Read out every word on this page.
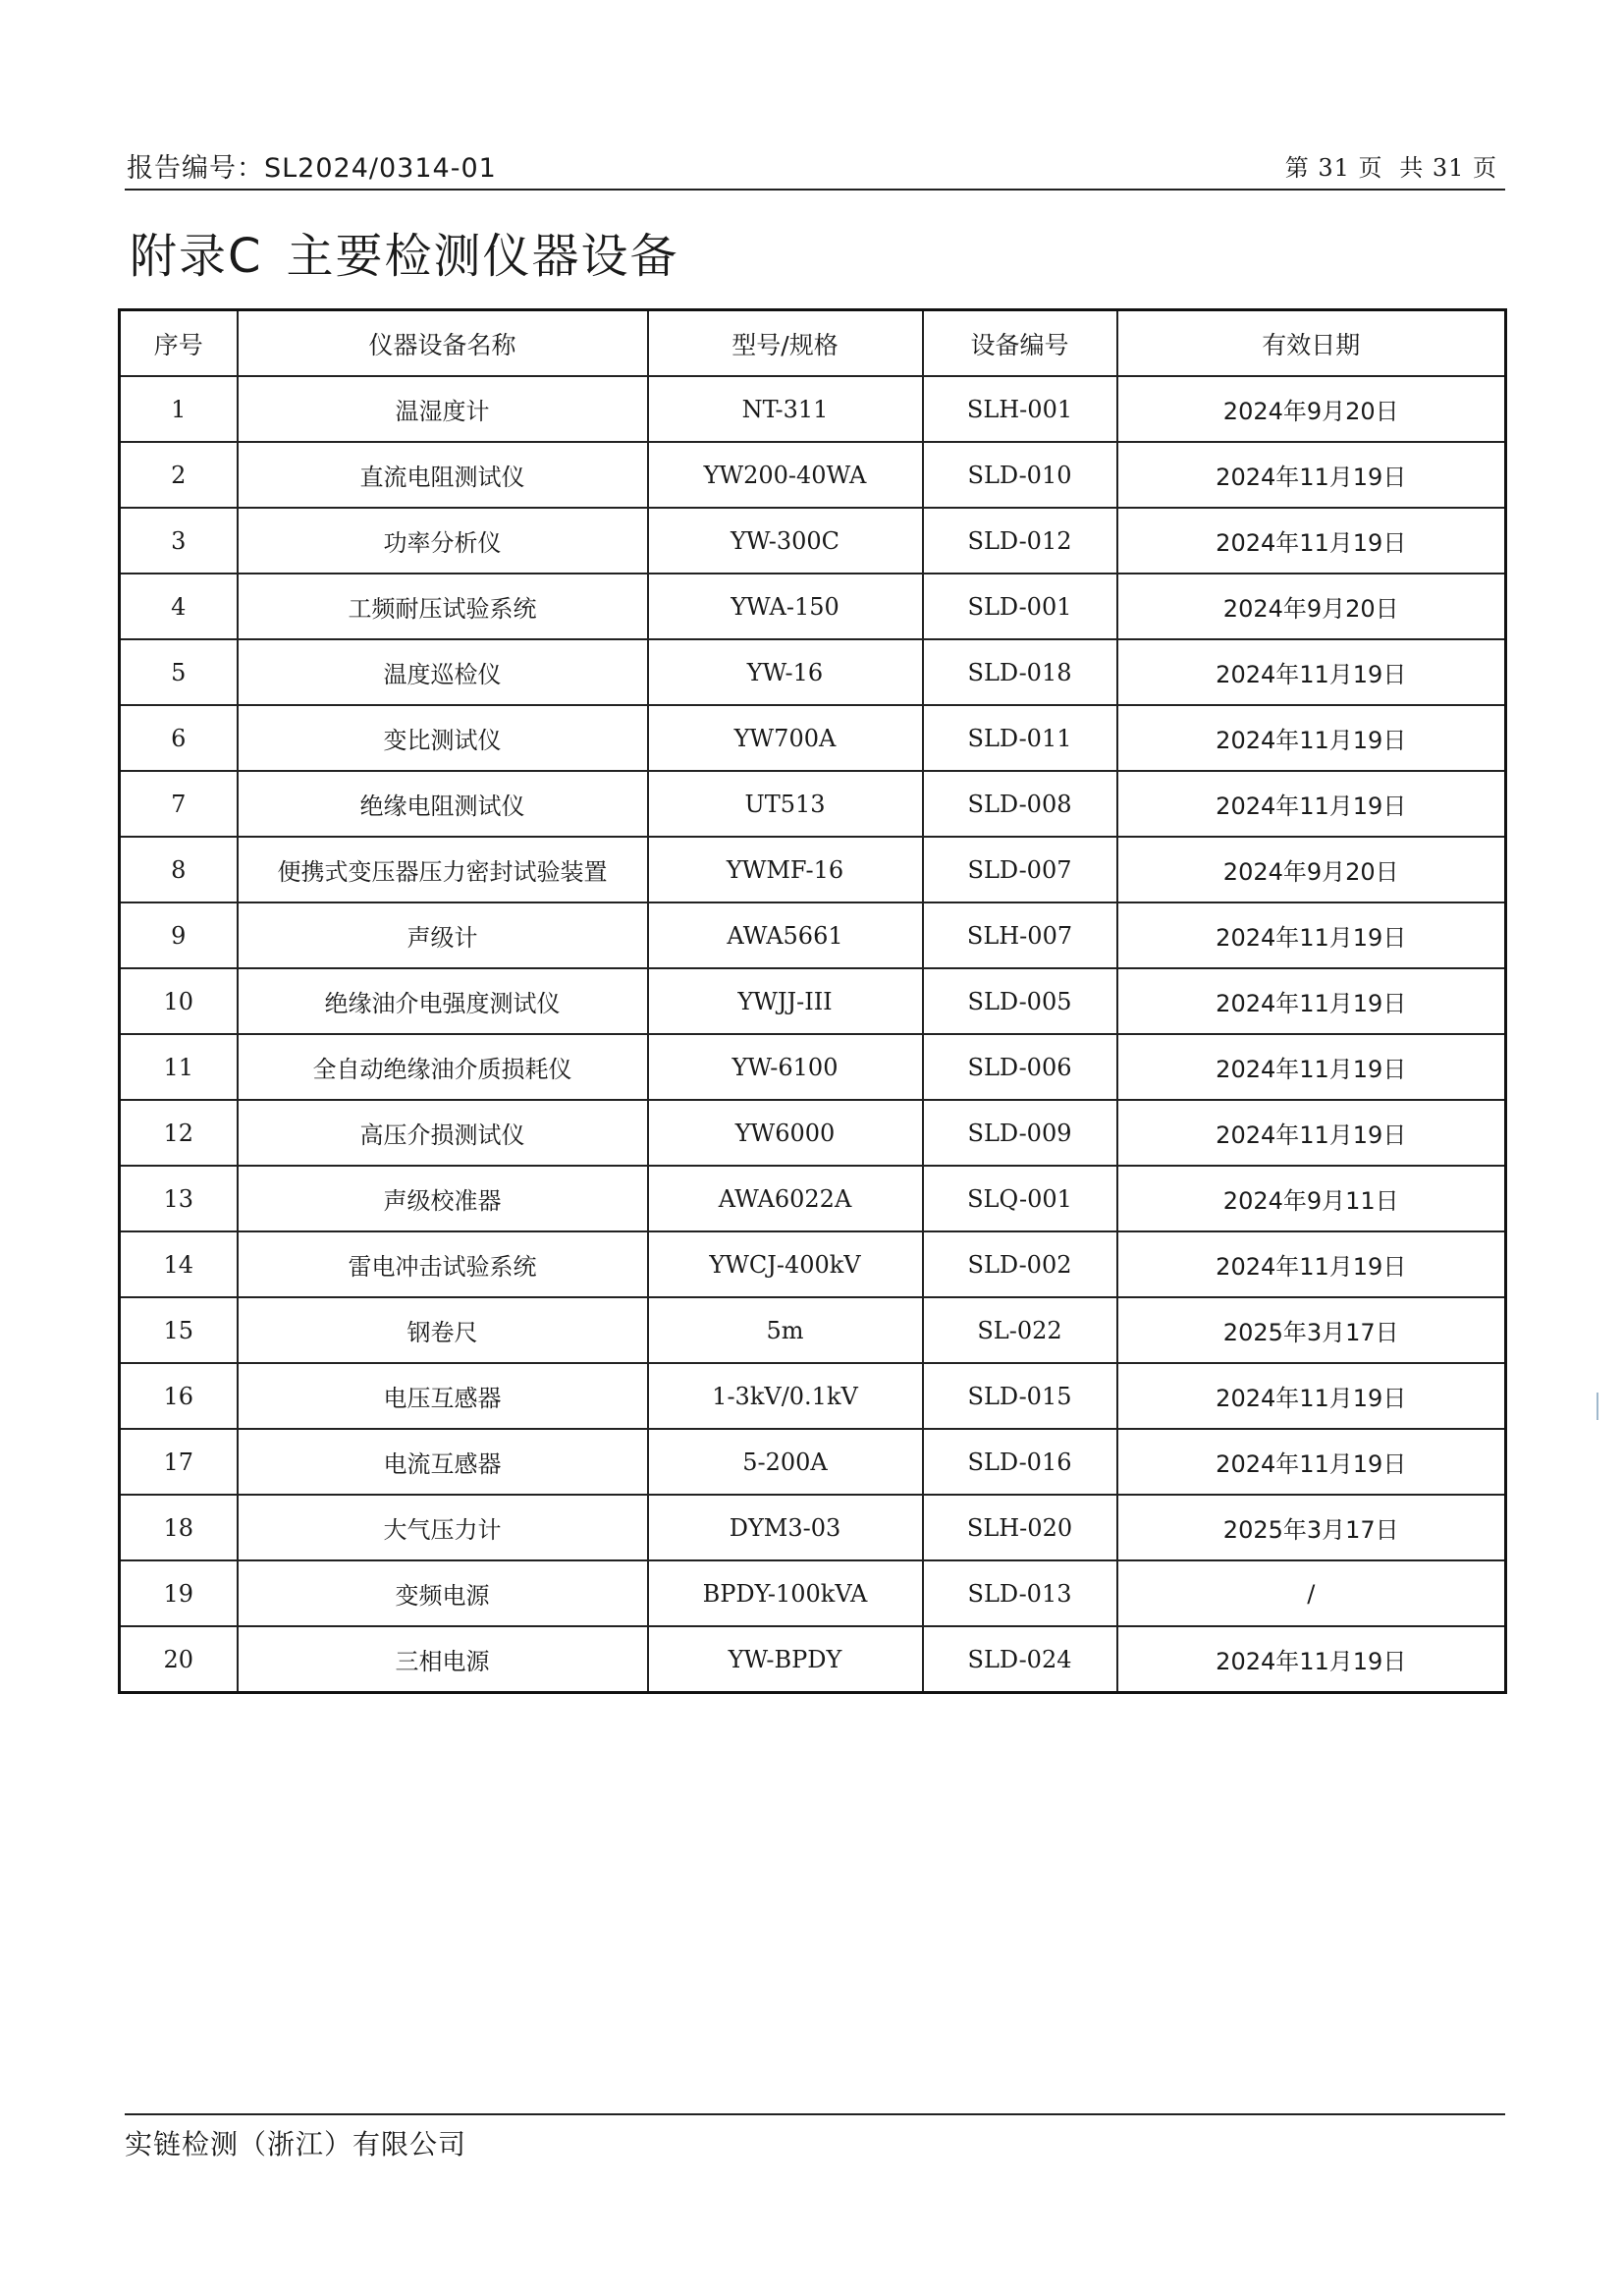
报告编号：SL2024/0314-01	第 31 页 共 31 页
附录C 主要检测仪器设备
序号	仪器设备名称	型号/规格	设备编号	有效日期
1	温湿度计	NT-311	SLH-001	2024年9月20日
2	直流电阻测试仪	YW200-40WA	SLD-010	2024年11月19日
3	功率分析仪	YW-300C	SLD-012	2024年11月19日
4	工频耐压试验系统	YWA-150	SLD-001	2024年9月20日
5	温度巡检仪	YW-16	SLD-018	2024年11月19日
6	变比测试仪	YW700A	SLD-011	2024年11月19日
7	绝缘电阻测试仪	UT513	SLD-008	2024年11月19日
8	便携式变压器压力密封试验装置	YWMF-16	SLD-007	2024年9月20日
9	声级计	AWA5661	SLH-007	2024年11月19日
10	绝缘油介电强度测试仪	YWJJ-III	SLD-005	2024年11月19日
11	全自动绝缘油介质损耗仪	YW-6100	SLD-006	2024年11月19日
12	高压介损测试仪	YW6000	SLD-009	2024年11月19日
13	声级校准器	AWA6022A	SLQ-001	2024年9月11日
14	雷电冲击试验系统	YWCJ-400kV	SLD-002	2024年11月19日
15	钢卷尺	5m	SL-022	2025年3月17日
16	电压互感器	1-3kV/0.1kV	SLD-015	2024年11月19日
17	电流互感器	5-200A	SLD-016	2024年11月19日
18	大气压力计	DYM3-03	SLH-020	2025年3月17日
19	变频电源	BPDY-100kVA	SLD-013	/
20	三相电源	YW-BPDY	SLD-024	2024年11月19日
实链检测（浙江）有限公司
